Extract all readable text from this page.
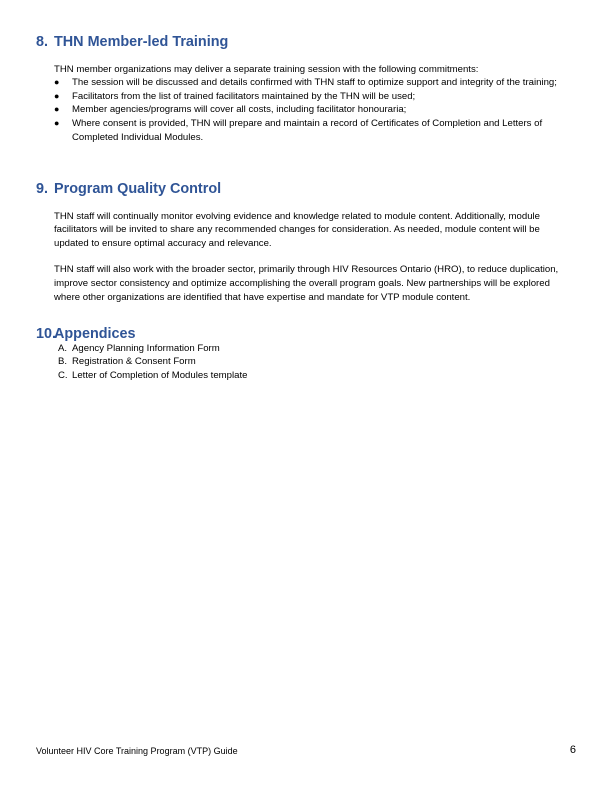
8. THN Member-led Training

THN member organizations may deliver a separate training session with the following commitments:

●	The session will be discussed and details confirmed with THN staff to optimize support and integrity of the training;
●	Facilitators from the list of trained facilitators maintained by the THN will be used;
●	Member agencies/programs will cover all costs, including facilitator honouraria;
●	Where consent is provided, THN will prepare and maintain a record of Certificates of Completion and Letters of Completed Individual Modules.
9. Program Quality Control

THN staff will continually monitor evolving evidence and knowledge related to module content. Additionally, module facilitators will be invited to share any recommended changes for consideration. As needed, module content will be updated to ensure optimal accuracy and relevance.

THN staff will also work with the broader sector, primarily through HIV Resources Ontario (HRO), to reduce duplication, improve sector consistency and optimize accomplishing the overall program goals. New partnerships will be explored where other organizations are identified that have expertise and mandate for VTP module content.

10.
Appendices
A. Agency Planning Information Form
B. Registration & Consent Form
C. Letter of Completion of Modules template
Volunteer HIV Core Training Program (VTP) Guide	6
